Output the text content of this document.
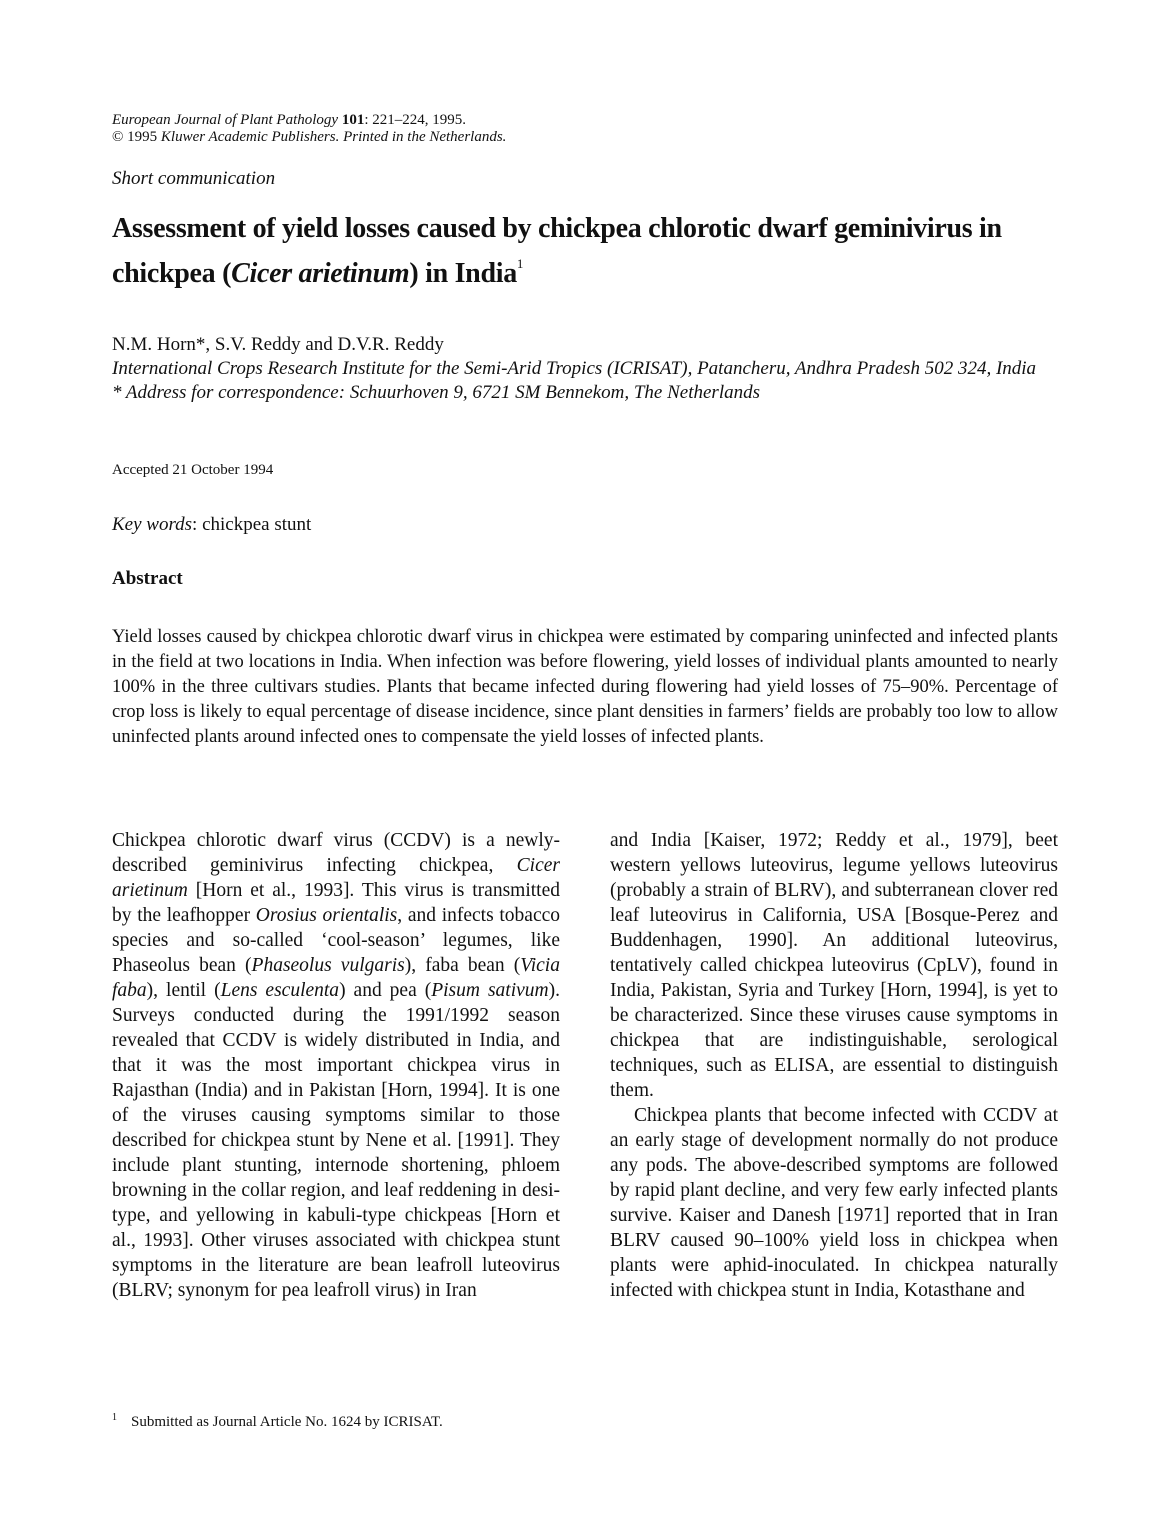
European Journal of Plant Pathology 101: 221–224, 1995.
© 1995 Kluwer Academic Publishers. Printed in the Netherlands.
Short communication
Assessment of yield losses caused by chickpea chlorotic dwarf geminivirus in chickpea (Cicer arietinum) in India$^1$
N.M. Horn*, S.V. Reddy and D.V.R. Reddy
International Crops Research Institute for the Semi-Arid Tropics (ICRISAT), Patancheru, Andhra Pradesh 502 324, India
* Address for correspondence: Schuurhoven 9, 6721 SM Bennekom, The Netherlands
Accepted 21 October 1994
Key words: chickpea stunt
Abstract
Yield losses caused by chickpea chlorotic dwarf virus in chickpea were estimated by comparing uninfected and infected plants in the field at two locations in India. When infection was before flowering, yield losses of individual plants amounted to nearly 100% in the three cultivars studies. Plants that became infected during flowering had yield losses of 75–90%. Percentage of crop loss is likely to equal percentage of disease incidence, since plant densities in farmers’ fields are probably too low to allow uninfected plants around infected ones to compensate the yield losses of infected plants.

Chickpea chlorotic dwarf virus (CCDV) is a newly-described geminivirus infecting chickpea, Cicer arietinum [Horn et al., 1993]. This virus is transmitted by the leafhopper Orosius orientalis, and infects tobacco species and so-called ‘cool-season’ legumes, like Phaseolus bean (Phaseolus vulgaris), faba bean (Vicia faba), lentil (Lens esculenta) and pea (Pisum sativum). Surveys conducted during the 1991/1992 season revealed that CCDV is widely distributed in India, and that it was the most important chickpea virus in Rajasthan (India) and in Pakistan [Horn, 1994]. It is one of the viruses causing symptoms similar to those described for chickpea stunt by Nene et al. [1991]. They include plant stunting, internode shortening, phloem browning in the collar region, and leaf reddening in desi-type, and yellowing in kabuli-type chickpeas [Horn et al., 1993]. Other viruses associated with chickpea stunt symptoms in the literature are bean leafroll luteovirus (BLRV; synonym for pea leafroll virus) in Iran

and India [Kaiser, 1972; Reddy et al., 1979], beet western yellows luteovirus, legume yellows luteovirus (probably a strain of BLRV), and subterranean clover red leaf luteovirus in California, USA [Bosque-Perez and Buddenhagen, 1990]. An additional luteovirus, tentatively called chickpea luteovirus (CpLV), found in India, Pakistan, Syria and Turkey [Horn, 1994], is yet to be characterized. Since these viruses cause symptoms in chickpea that are indistinguishable, serological techniques, such as ELISA, are essential to distinguish them.

Chickpea plants that become infected with CCDV at an early stage of development normally do not produce any pods. The above-described symptoms are followed by rapid plant decline, and very few early infected plants survive. Kaiser and Danesh [1971] reported that in Iran BLRV caused 90–100% yield loss in chickpea when plants were aphid-inoculated. In chickpea naturally infected with chickpea stunt in India, Kotasthane and

$^1$ Submitted as Journal Article No. 1624 by ICRISAT.
